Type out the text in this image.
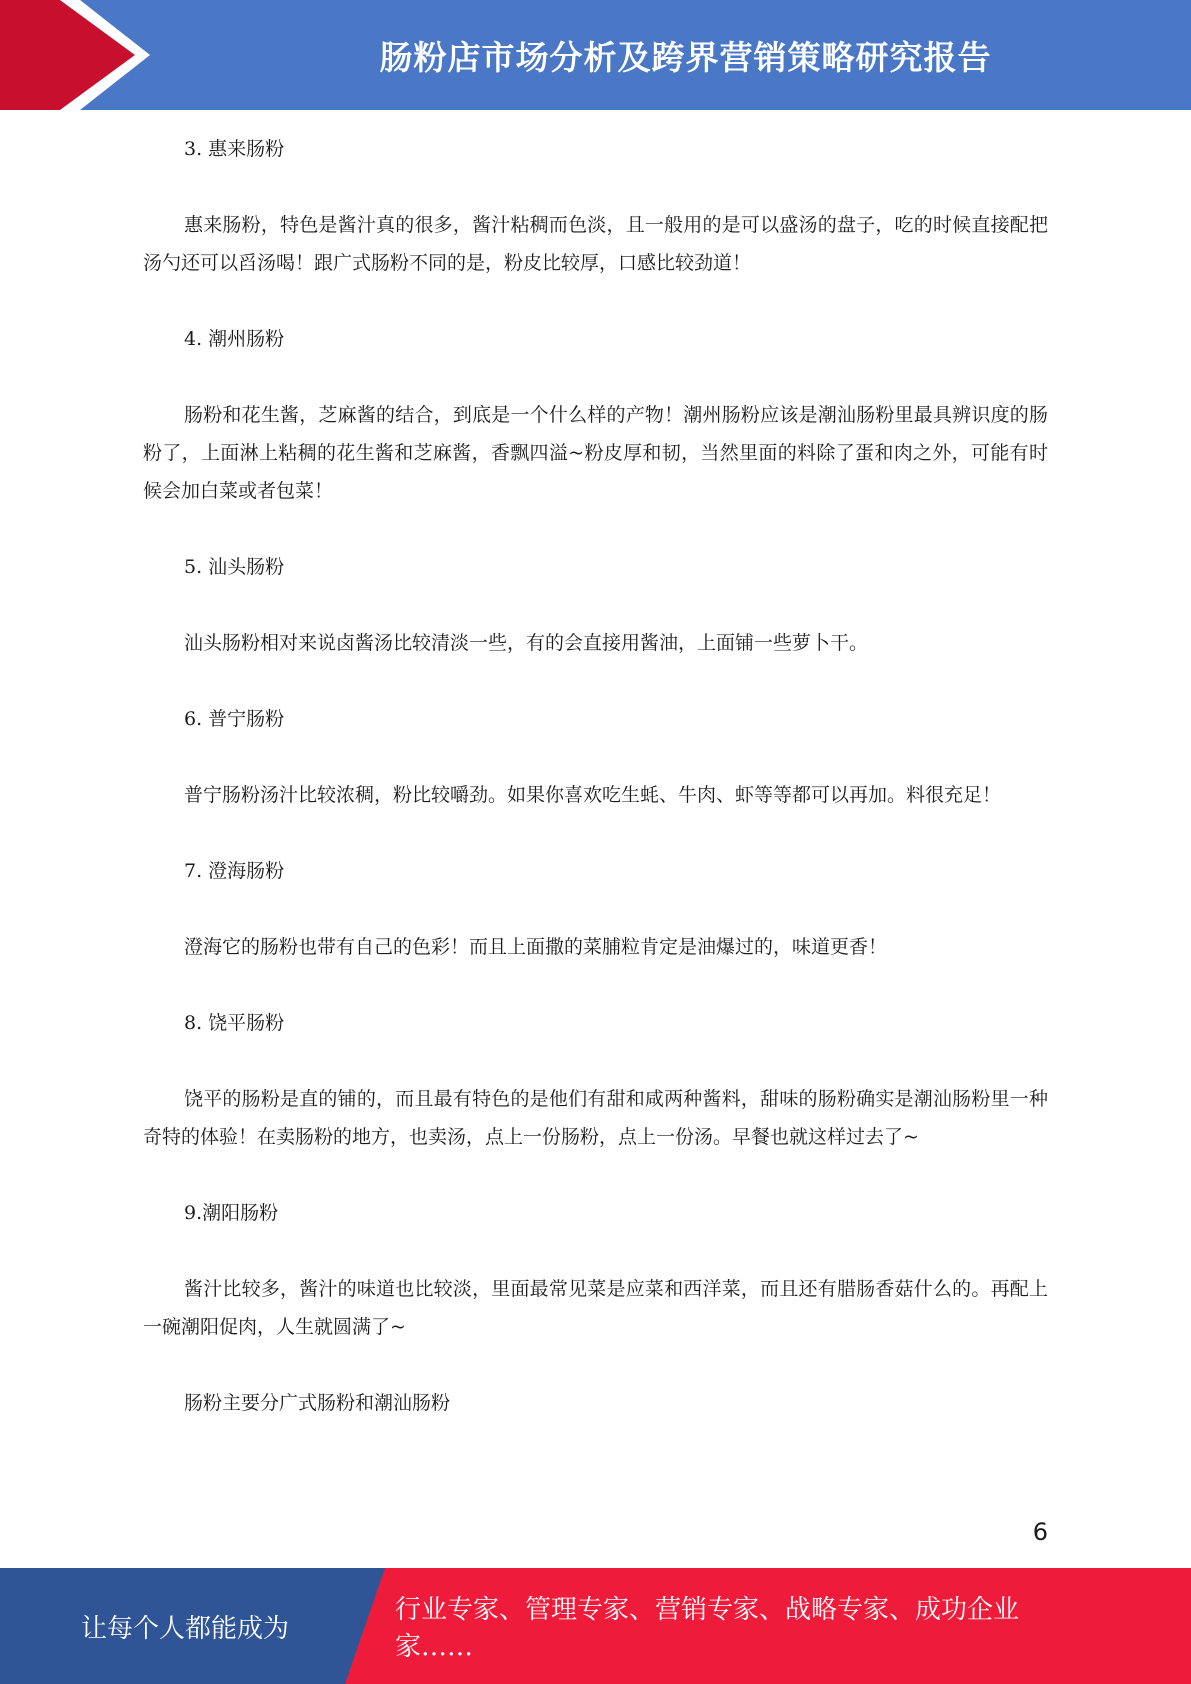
肠粉店市场分析及跨界营销策略研究报告

3. 惠来肠粉

惠来肠粉，特色是酱汁真的很多，酱汁粘稠而色淡，且一般用的是可以盛汤的盘子，吃的时候直接配把汤勺还可以舀汤喝！跟广式肠粉不同的是，粉皮比较厚，口感比较劲道！

4. 潮州肠粉

肠粉和花生酱，芝麻酱的结合，到底是一个什么样的产物！潮州肠粉应该是潮汕肠粉里最具辨识度的肠粉了，上面淋上粘稠的花生酱和芝麻酱，香飘四溢~粉皮厚和韧，当然里面的料除了蛋和肉之外，可能有时候会加白菜或者包菜！

5. 汕头肠粉

汕头肠粉相对来说卤酱汤比较清淡一些，有的会直接用酱油，上面铺一些萝卜干。

6. 普宁肠粉

普宁肠粉汤汁比较浓稠，粉比较嚼劲。如果你喜欢吃生蚝、牛肉、虾等等都可以再加。料很充足！

7. 澄海肠粉

澄海它的肠粉也带有自己的色彩！而且上面撒的菜脯粒肯定是油爆过的，味道更香！

8. 饶平肠粉

饶平的肠粉是直的铺的，而且最有特色的是他们有甜和咸两种酱料，甜味的肠粉确实是潮汕肠粉里一种奇特的体验！在卖肠粉的地方，也卖汤，点上一份肠粉，点上一份汤。早餐也就这样过去了~

9.潮阳肠粉

酱汁比较多，酱汁的味道也比较淡，里面最常见菜是应菜和西洋菜，而且还有腊肠香菇什么的。再配上一碗潮阳促肉，人生就圆满了~

肠粉主要分广式肠粉和潮汕肠粉

6
让每个人都能成为
行业专家、管理专家、营销专家、战略专家、成功企业家……
